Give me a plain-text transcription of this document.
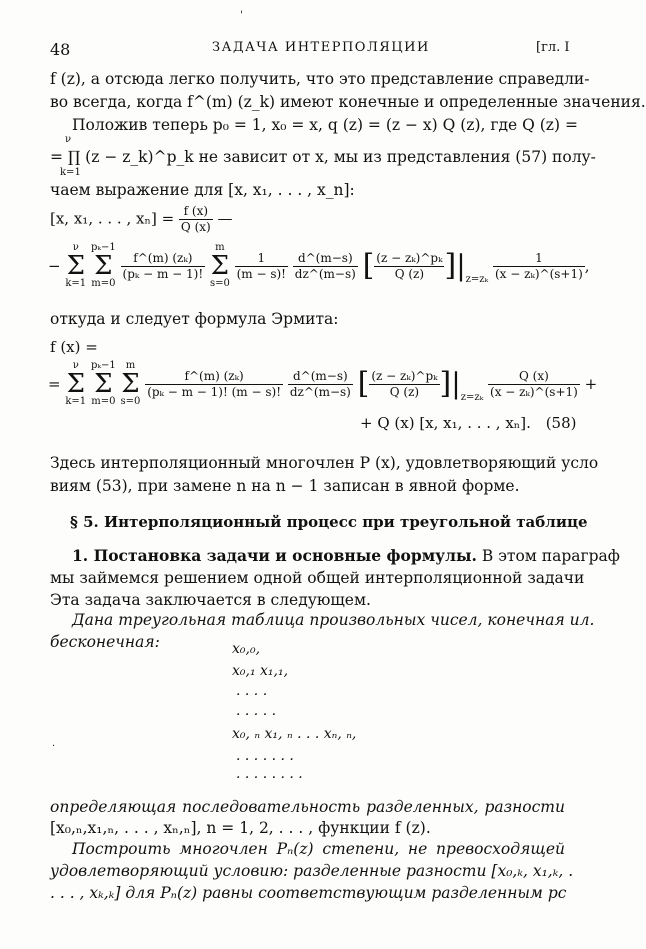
48	ЗАДАЧА ИНТЕРПОЛЯЦИИ	[гл. I
'
f (z), а отсюда легко получить, что это представление справедли-
во всегда, когда f^(m) (z_k) имеют конечные и определенные значения.
Положив теперь p₀ = 1, x₀ = x, q (z) = (z − x) Q (z), где Q (z) =
ν
= ∏ (z − z_k)^p_k не зависит от x, мы из представления (57) полу-
k=1
чаем выражение для [x, x₁, . . . , x_n]:
[x, x₁, . . . , $x_n] = \frac{f (x)}{Q (x)}$ —
− ν
Σ
k=1 pₖ−1
Σ
m=0
$\frac{\text{f\textasciicircum{}(m) (zₖ)}}{\text{(pₖ − m − 1)!}}$
m
Σ
s=0
$\frac{1}{(m - s)!}$
$\frac{d\^{}(m-s)}{dz\^{}(m-s)}$ [ $\frac{\text{(z − zₖ)\textasciicircum{}pₖ}}{Q (z)} ]|_{z=z_k} \frac{1}{\text{(x − zₖ)\textasciicircum{}(s+1)}}$ ,
откуда и следует формула Эрмита:
f (x) =
= ν
Σ
k=1 pₖ−1
Σ
m=0 m
Σ
s=0
$\frac{\text{f\textasciicircum{}(m) (zₖ)}}{\text{(pₖ − m − 1)! (m − s)!}}$
$\frac{d\^{}(m-s)}{dz\^{}(m-s)}$ [ $\frac{\text{(z − zₖ)\textasciicircum{}pₖ}}{Q (z)} ]|_{z=z_k} \frac{Q (x)}{\text{(x − zₖ)\textasciicircum{}(s+1)}}$ +
+ Q (x) [x, x₁, . . . , xₙ]. (58)
Здесь интерполяционный многочлен P (x), удовлетворяющий усло
виям (53), при замене n на n − 1 записан в явной форме.
§ 5. Интерполяционный процесс при треугольной таблице
1. Постановка задачи и основные формулы. В этом параграф
мы займемся решением одной общей интерполяционной задачи
Эта задача заключается в следующем.
Дана треугольная таблица произвольных чисел, конечная ил.
бесконечная:	x₀,₀,
x₀,₁ x₁,₁,
. . . .
. . . . .
x₀, ₙ x₁, ₙ . . . xₙ, ₙ,
. . . . . . .
. . . . . . . .
.
определяющая последовательность разделенных, разности
[x₀,ₙ,x₁,ₙ, . . . , xₙ,ₙ], n = 1, 2, . . . , функции f (z).
Построить многочлен Pₙ(z) степени, не превосходящей
удовлетворяющий условию: разделенные разности [x₀,ₖ, x₁,ₖ, .
. . . , xₖ,ₖ] для Pₙ(z) равны соответствующим разделенным рс
